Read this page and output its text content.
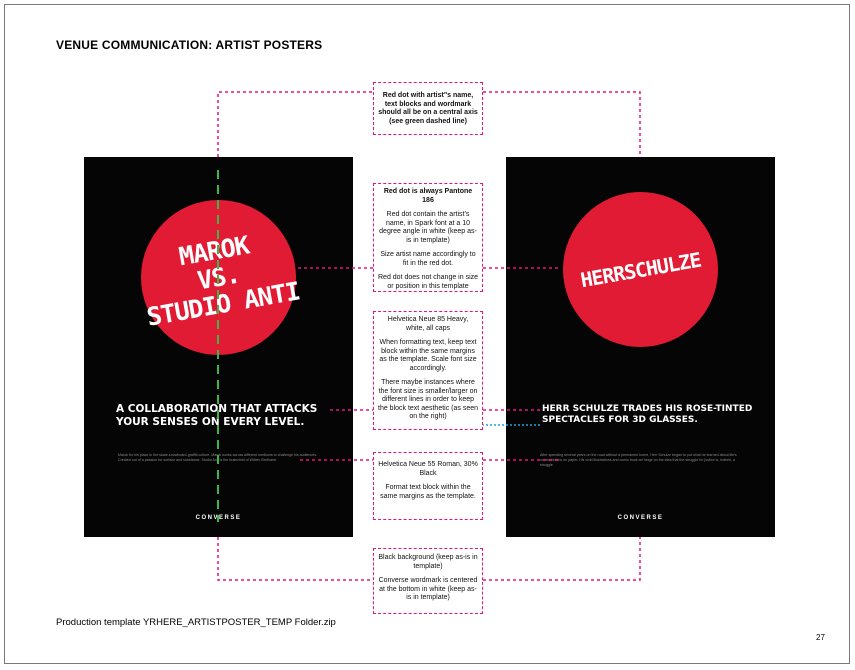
VENUE COMMUNICATION: ARTIST POSTERS
MAROK
VS.
STUDIO ANTI
A COLLABORATION THAT ATTACKS YOUR SENSES ON EVERY LEVEL.
Marok for his place in the skate-snowboard-graffiti culture. Marok works across different mediums to challenge his audiences. Created out of a passion for surface and substance, Studio Anti is the brainchild of Willem Brethane.
CONVERSE
HERRSCHULZE
HERR SCHULZE TRADES HIS ROSE-TINTED SPECTACLES FOR 3D GLASSES.
After spending several years on the road without a permanent home, Herr Schulze began to put what he learned about life's contradictions on paper. His vivid illustrations and comic book art hinge on the idea that the struggle for justice is, indeed, a struggle.
CONVERSE

Red dot with artist"s name, text blocks and wordmark should all be on a central axis (see green dashed line)

Red dot is always Pantone 186

Red dot contain the artist's name, in Spark font at a 10 degree angle in white (keep as-is in template)

Size artist name accordingly to fit in the red dot.

Red dot does not change in size or position in this template

Helvetica Neue 85 Heavy, white, all caps

When formatting text, keep text block within the same margins as the template. Scale font size accordingly.

There maybe instances where the font size is smaller/larger on different lines in order to keep the block text aesthetic (as seen on the right)

Helvetica Neue 55 Roman, 30% Black

Format text block within the same margins as the template.

Black background (keep as-is in template)

Converse wordmark is centered at the bottom in white (keep as-is in template)

Production template YRHERE_ARTISTPOSTER_TEMP Folder.zip
27
